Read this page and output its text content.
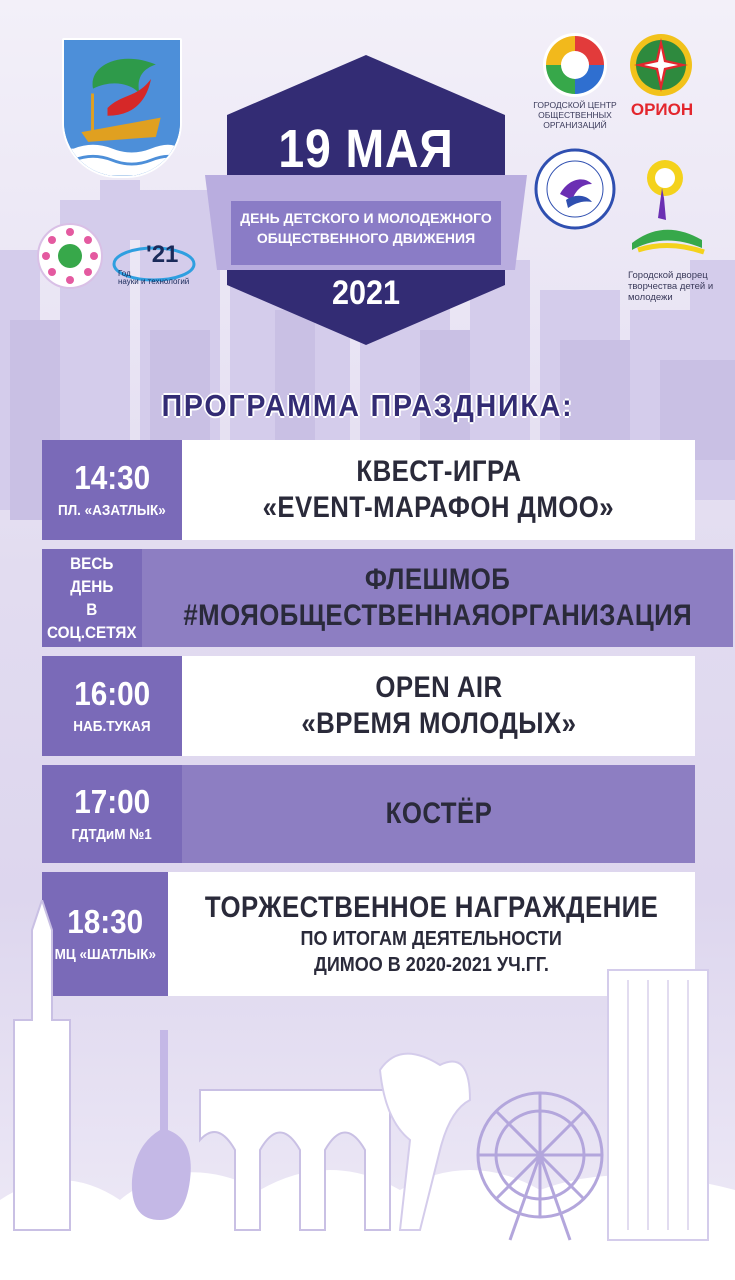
ГОРОДСКОЙ ЦЕНТР ОБЩЕСТВЕННЫХ ОРГАНИЗАЦИЙ
ОРИОН
Городской дворец творчества детей и молодежи
'21
Год
науки и технологий
19 МАЯ
ДЕНЬ ДЕТСКОГО И МОЛОДЕЖНОГО
ОБЩЕСТВЕННОГО ДВИЖЕНИЯ
2021
ПРОГРАММА ПРАЗДНИКА:
14:30
ПЛ. «АЗАТЛЫК»
КВЕСТ-ИГРА
«EVENT-МАРАФОН ДМОО»
ВЕСЬ ДЕНЬ
В СОЦ.СЕТЯХ
ФЛЕШМОБ
#МОЯОБЩЕСТВЕННАЯОРГАНИЗАЦИЯ
16:00
НАБ.ТУКАЯ
OPEN AIR
«ВРЕМЯ МОЛОДЫХ»
17:00
ГДТДиМ №1
КОСТЁР
18:30
МЦ «ШАТЛЫК»
ТОРЖЕСТВЕННОЕ НАГРАЖДЕНИЕ
ПО ИТОГАМ ДЕЯТЕЛЬНОСТИ
ДИМОО В 2020-2021 УЧ.ГГ.
